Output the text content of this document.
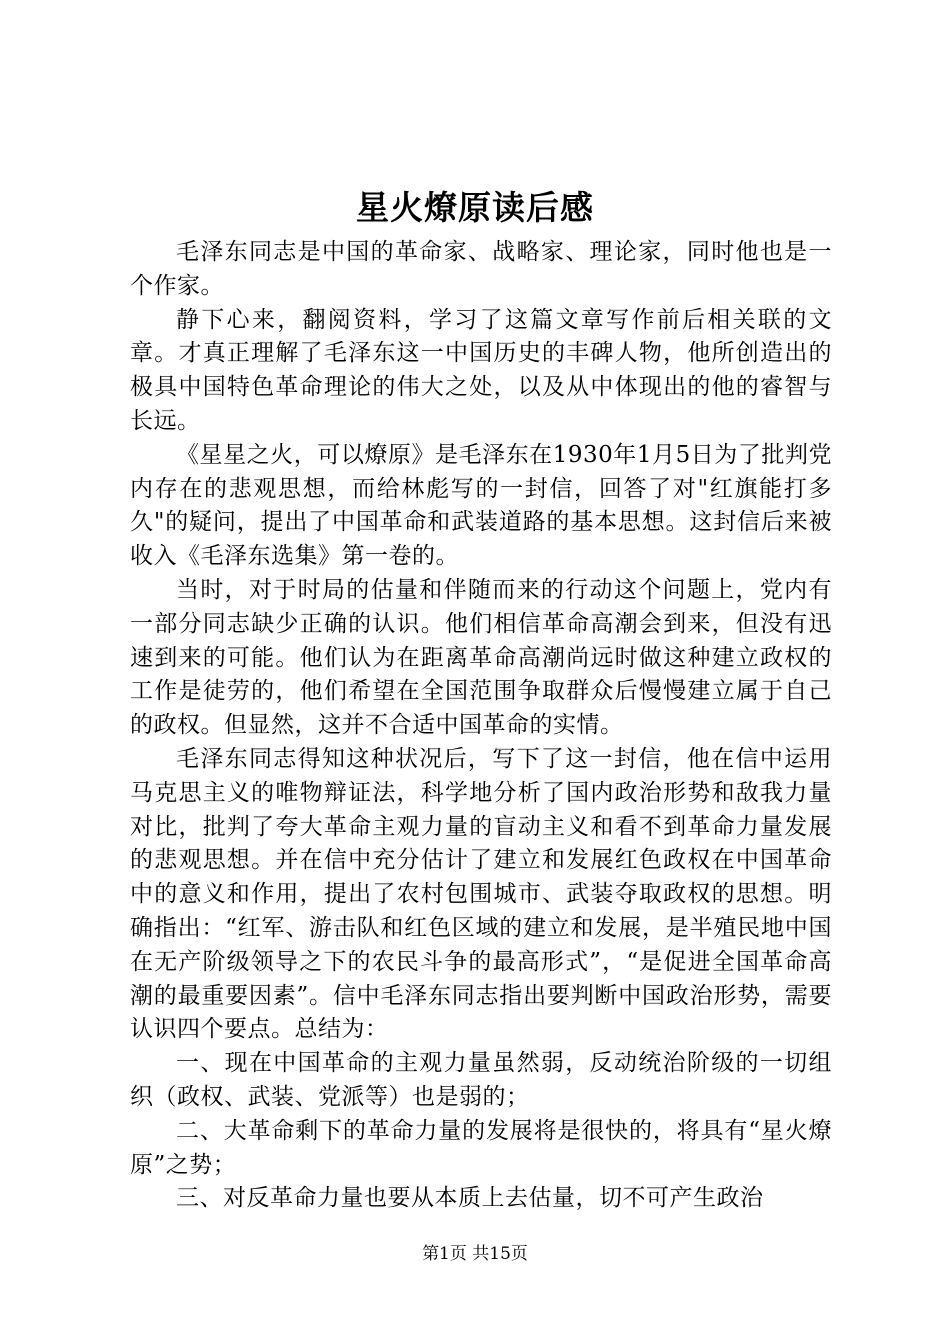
星火燎原读后感

毛泽东同志是中国的革命家、战略家、理论家，同时他也是一个作家。

静下心来，翻阅资料，学习了这篇文章写作前后相关联的文章。才真正理解了毛泽东这一中国历史的丰碑人物，他所创造出的极具中国特色革命理论的伟大之处，以及从中体现出的他的睿智与长远。

《星星之火，可以燎原》是毛泽东在1930年1月5日为了批判党内存在的悲观思想，而给林彪写的一封信，回答了对"红旗能打多久"的疑问，提出了中国革命和武装道路的基本思想。这封信后来被收入《毛泽东选集》第一卷的。

当时，对于时局的估量和伴随而来的行动这个问题上，党内有一部分同志缺少正确的认识。他们相信革命高潮会到来，但没有迅速到来的可能。他们认为在距离革命高潮尚远时做这种建立政权的工作是徒劳的，他们希望在全国范围争取群众后慢慢建立属于自己的政权。但显然，这并不合适中国革命的实情。

毛泽东同志得知这种状况后，写下了这一封信，他在信中运用马克思主义的唯物辩证法，科学地分析了国内政治形势和敌我力量对比，批判了夸大革命主观力量的盲动主义和看不到革命力量发展的悲观思想。并在信中充分估计了建立和发展红色政权在中国革命中的意义和作用，提出了农村包围城市、武装夺取政权的思想。明确指出：“红军、游击队和红色区域的建立和发展，是半殖民地中国在无产阶级领导之下的农民斗争的最高形式”，“是促进全国革命高潮的最重要因素”。信中毛泽东同志指出要判断中国政治形势，需要认识四个要点。总结为：

一、现在中国革命的主观力量虽然弱，反动统治阶级的一切组织（政权、武装、党派等）也是弱的；

二、大革命剩下的革命力量的发展将是很快的，将具有“星火燎原”之势；

三、对反革命力量也要从本质上去估量，切不可产生政治

第1页 共15页
